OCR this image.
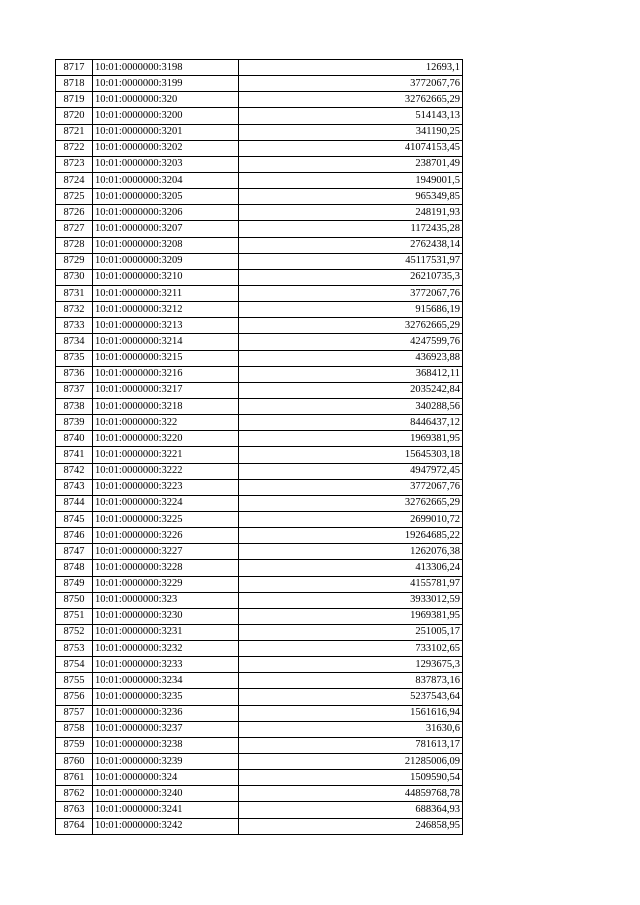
8717	10:01:0000000:3198	12693,1
8718	10:01:0000000:3199	3772067,76
8719	10:01:0000000:320	32762665,29
8720	10:01:0000000:3200	514143,13
8721	10:01:0000000:3201	341190,25
8722	10:01:0000000:3202	41074153,45
8723	10:01:0000000:3203	238701,49
8724	10:01:0000000:3204	1949001,5
8725	10:01:0000000:3205	965349,85
8726	10:01:0000000:3206	248191,93
8727	10:01:0000000:3207	1172435,28
8728	10:01:0000000:3208	2762438,14
8729	10:01:0000000:3209	45117531,97
8730	10:01:0000000:3210	26210735,3
8731	10:01:0000000:3211	3772067,76
8732	10:01:0000000:3212	915686,19
8733	10:01:0000000:3213	32762665,29
8734	10:01:0000000:3214	4247599,76
8735	10:01:0000000:3215	436923,88
8736	10:01:0000000:3216	368412,11
8737	10:01:0000000:3217	2035242,84
8738	10:01:0000000:3218	340288,56
8739	10:01:0000000:322	8446437,12
8740	10:01:0000000:3220	1969381,95
8741	10:01:0000000:3221	15645303,18
8742	10:01:0000000:3222	4947972,45
8743	10:01:0000000:3223	3772067,76
8744	10:01:0000000:3224	32762665,29
8745	10:01:0000000:3225	2699010,72
8746	10:01:0000000:3226	19264685,22
8747	10:01:0000000:3227	1262076,38
8748	10:01:0000000:3228	413306,24
8749	10:01:0000000:3229	4155781,97
8750	10:01:0000000:323	3933012,59
8751	10:01:0000000:3230	1969381,95
8752	10:01:0000000:3231	251005,17
8753	10:01:0000000:3232	733102,65
8754	10:01:0000000:3233	1293675,3
8755	10:01:0000000:3234	837873,16
8756	10:01:0000000:3235	5237543,64
8757	10:01:0000000:3236	1561616,94
8758	10:01:0000000:3237	31630,6
8759	10:01:0000000:3238	781613,17
8760	10:01:0000000:3239	21285006,09
8761	10:01:0000000:324	1509590,54
8762	10:01:0000000:3240	44859768,78
8763	10:01:0000000:3241	688364,93
8764	10:01:0000000:3242	246858,95
